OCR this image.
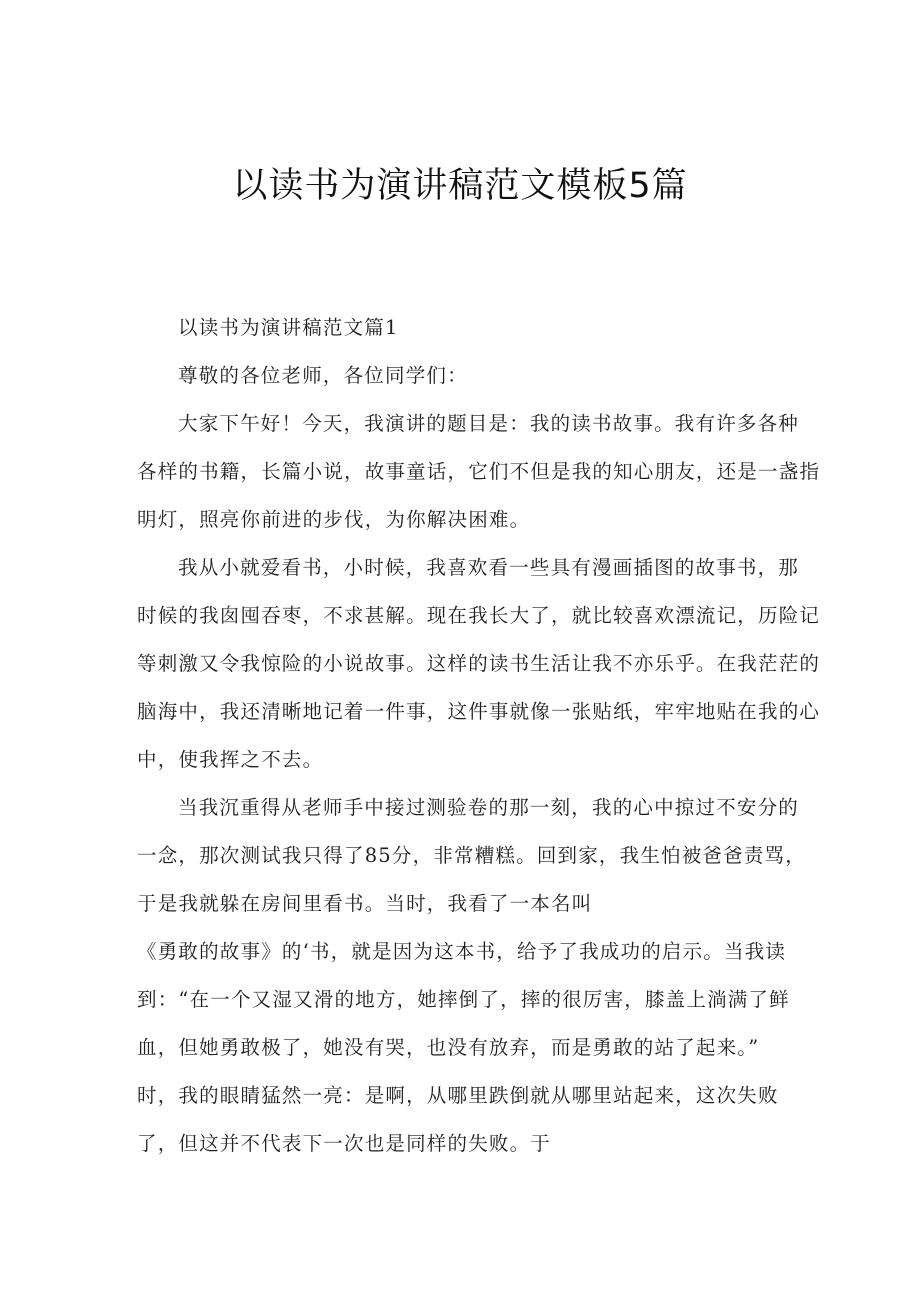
以读书为演讲稿范文模板5篇

以读书为演讲稿范文篇1

尊敬的各位老师，各位同学们：

大家下午好！今天，我演讲的题目是：我的读书故事。我有许多各种

各样的书籍，长篇小说，故事童话，它们不但是我的知心朋友，还是一盏指

明灯，照亮你前进的步伐，为你解决困难。

我从小就爱看书，小时候，我喜欢看一些具有漫画插图的故事书，那

时候的我囱囤吞枣，不求甚解。现在我长大了，就比较喜欢漂流记，历险记

等刺激又令我惊险的小说故事。这样的读书生活让我不亦乐乎。在我茫茫的

脑海中，我还清晰地记着一件事，这件事就像一张贴纸，牢牢地贴在我的心

中，使我挥之不去。

当我沉重得从老师手中接过测验卷的那一刻，我的心中掠过不安分的

一念，那次测试我只得了85分，非常糟糕。回到家，我生怕被爸爸责骂，

于是我就躲在房间里看书。当时，我看了一本名叫

《勇敢的故事》的‘书，就是因为这本书，给予了我成功的启示。当我读

到：“在一个又湿又滑的地方，她摔倒了，摔的很厉害，膝盖上淌满了鲜

血，但她勇敢极了，她没有哭，也没有放弃，而是勇敢的站了起来。”

时，我的眼睛猛然一亮：是啊，从哪里跌倒就从哪里站起来，这次失败

了，但这并不代表下一次也是同样的失败。于
